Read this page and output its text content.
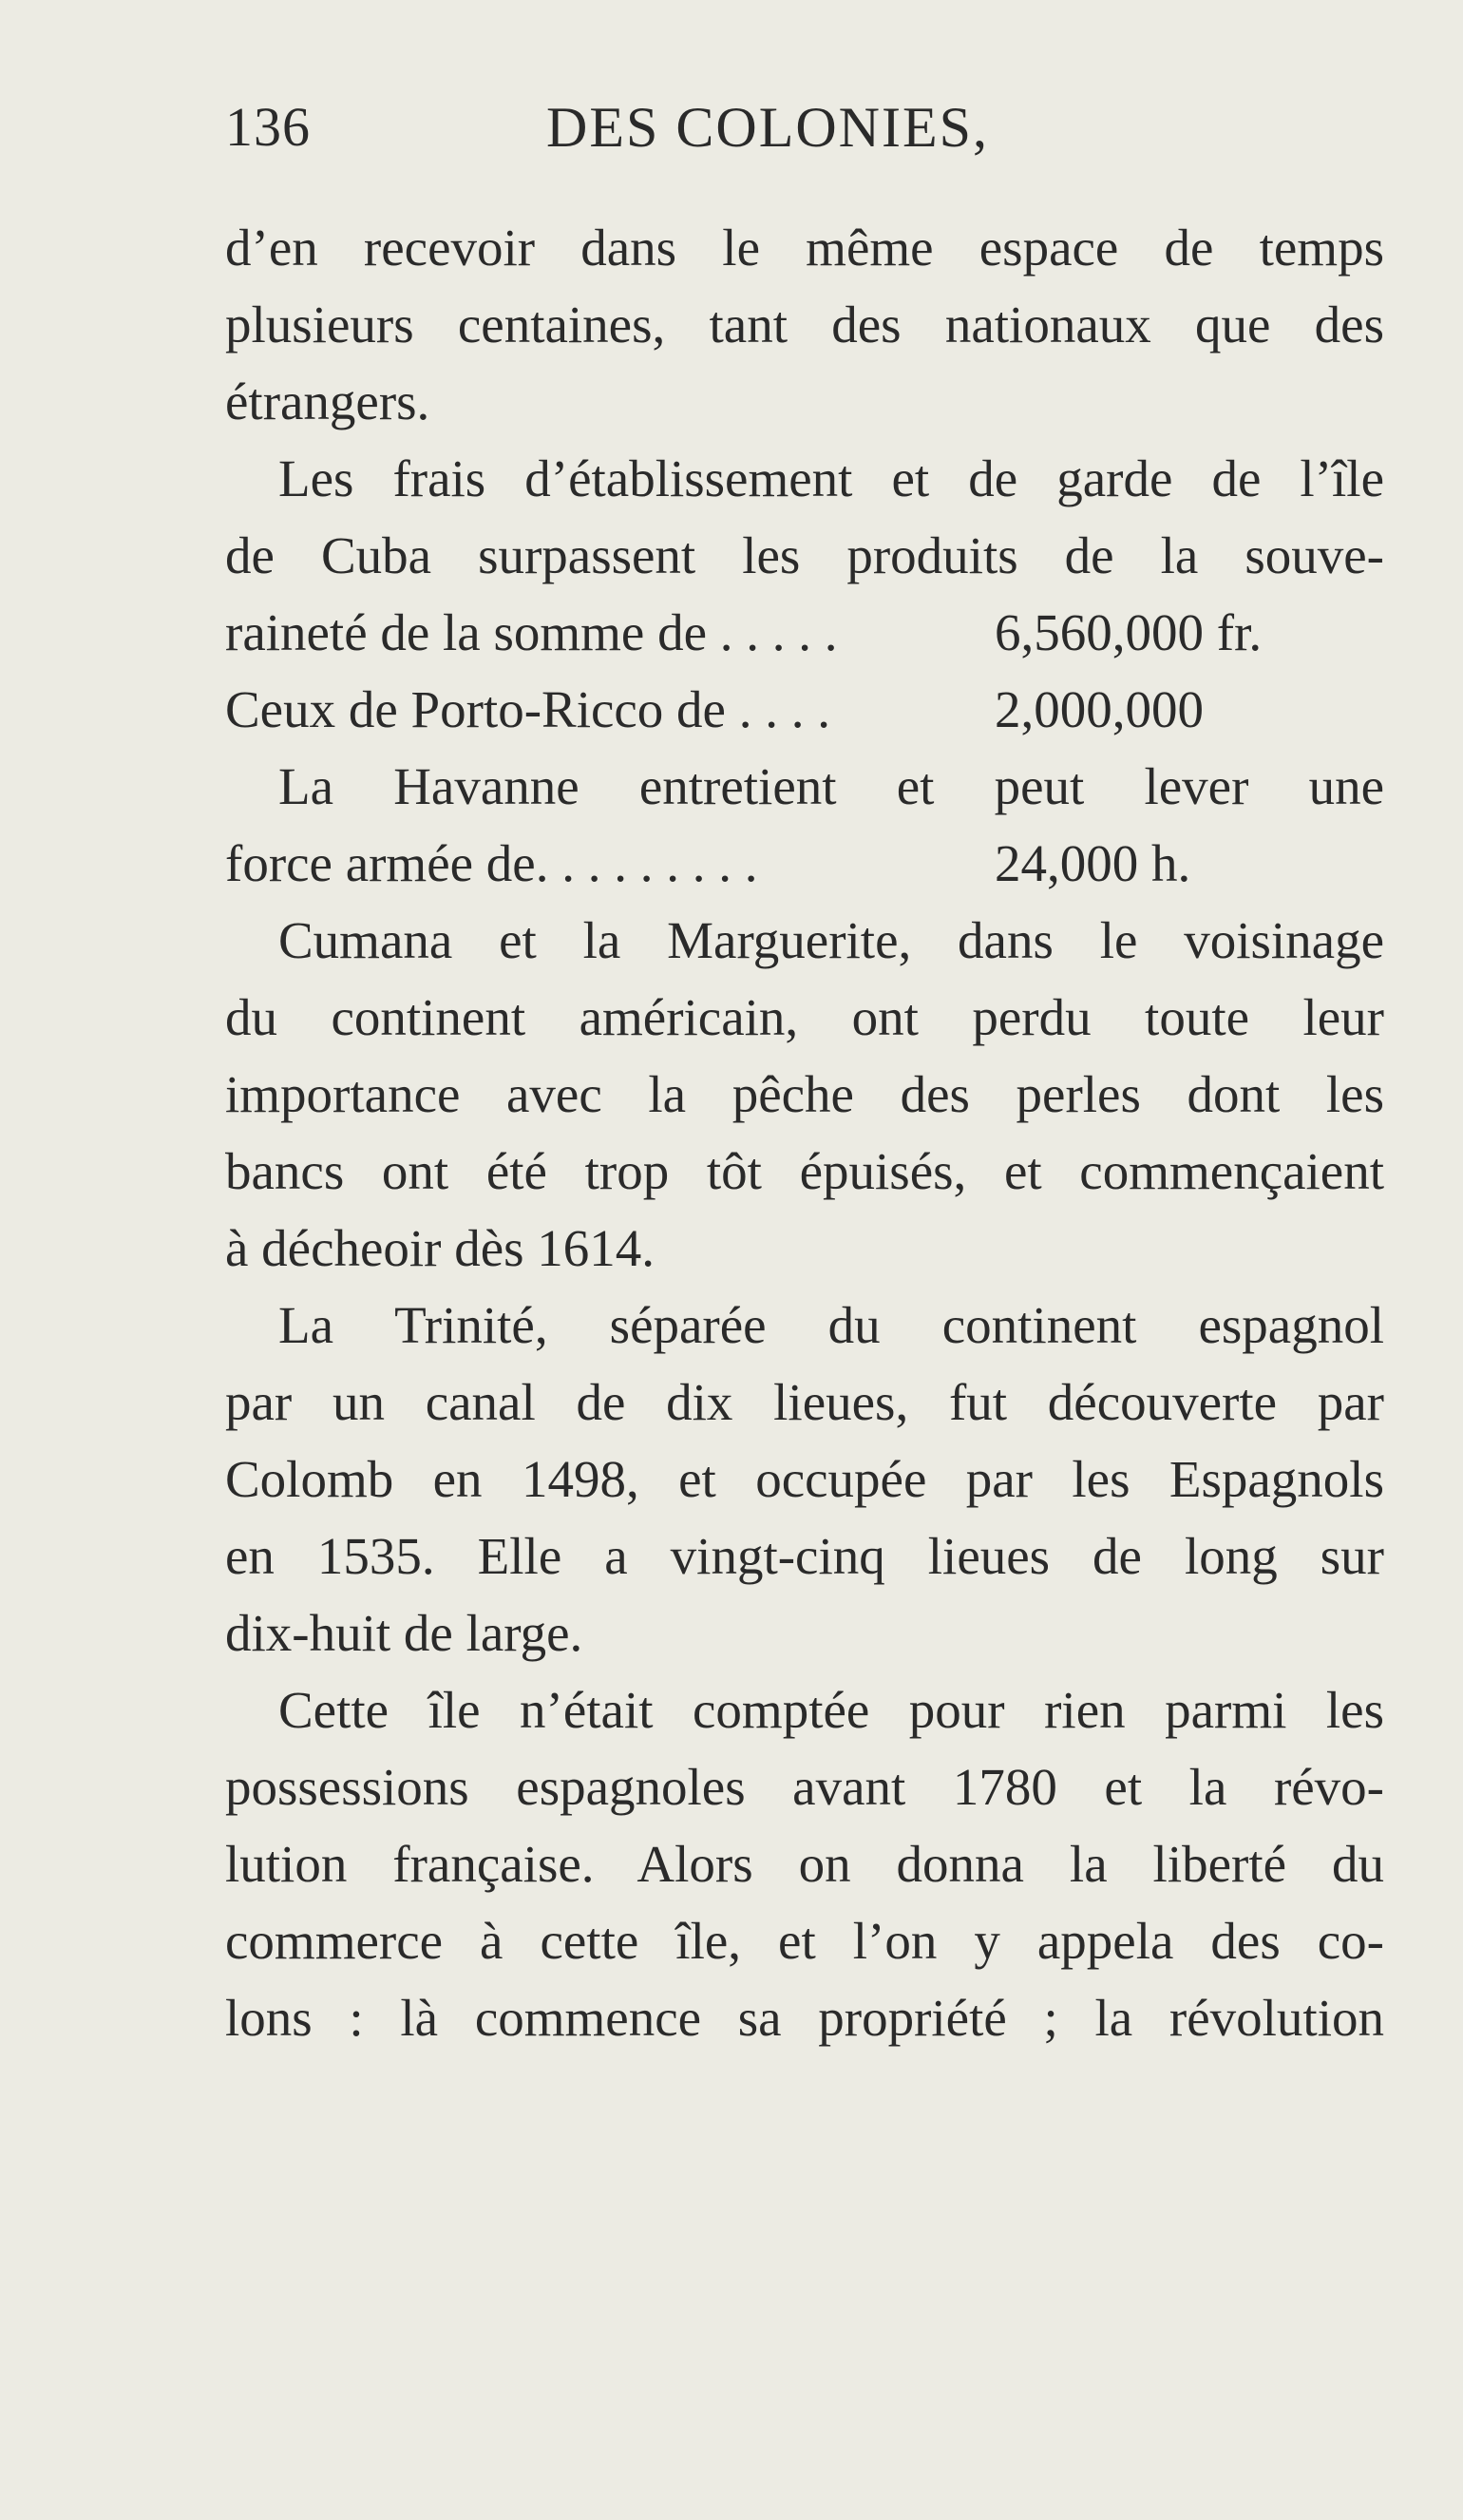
136	DES COLONIES,
d’en recevoir dans le même espace de temps
plusieurs centaines, tant des nationaux que des
étrangers.
Les frais d’établissement et de garde de l’île
de Cuba surpassent les produits de la souve-
raineté de la somme de . . . . .	6,560,000 fr.
Ceux de Porto-Ricco de . . . .	2,000,000
La Havanne entretient et peut lever une
force armée de. . . . . . . . .	24,000 h.
Cumana et la Marguerite, dans le voisinage
du continent américain, ont perdu toute leur
importance avec la pêche des perles dont les
bancs ont été trop tôt épuisés, et commençaient
à décheoir dès 1614.
La Trinité, séparée du continent espagnol
par un canal de dix lieues, fut découverte par
Colomb en 1498, et occupée par les Espagnols
en 1535. Elle a vingt-cinq lieues de long sur
dix-huit de large.
Cette île n’était comptée pour rien parmi les
possessions espagnoles avant 1780 et la révo-
lution française. Alors on donna la liberté du
commerce à cette île, et l’on y appela des co-
lons : là commence sa propriété ; la révolution
